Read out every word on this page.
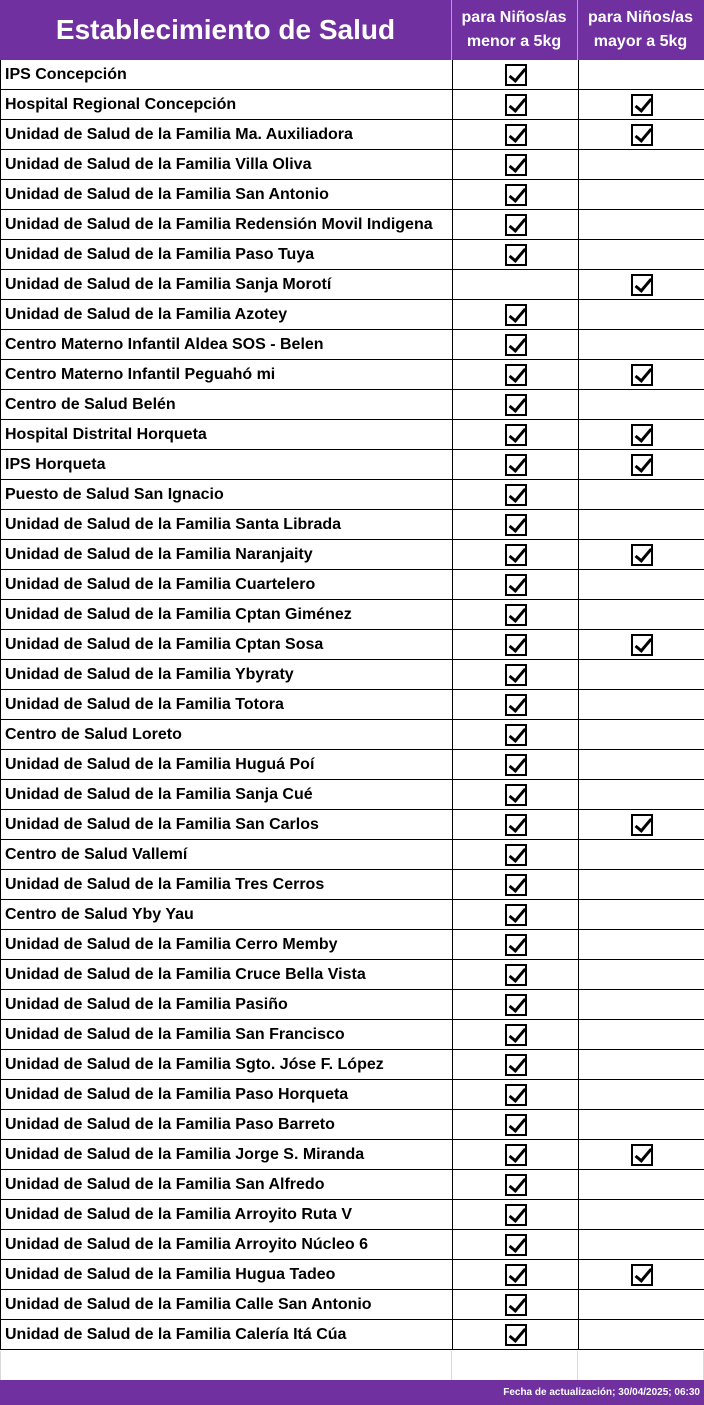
Establecimiento de Salud	para Niños/as
menor a 5kg
para Niños/as
mayor a 5kg
IPS Concepción
Hospital Regional Concepción
Unidad de Salud de la Familia Ma. Auxiliadora
Unidad de Salud de la Familia Villa Oliva
Unidad de Salud de la Familia San Antonio
Unidad de Salud de la Familia Redensión Movil Indigena
Unidad de Salud de la Familia Paso Tuya
Unidad de Salud de la Familia Sanja Morotí
Unidad de Salud de la Familia Azotey
Centro Materno Infantil Aldea SOS - Belen
Centro Materno Infantil Peguahó mi
Centro de Salud Belén
Hospital Distrital Horqueta
IPS Horqueta
Puesto de Salud San Ignacio
Unidad de Salud de la Familia Santa Librada
Unidad de Salud de la Familia Naranjaity
Unidad de Salud de la Familia Cuartelero
Unidad de Salud de la Familia Cptan Giménez
Unidad de Salud de la Familia Cptan Sosa
Unidad de Salud de la Familia Ybyraty
Unidad de Salud de la Familia Totora
Centro de Salud Loreto
Unidad de Salud de la Familia Huguá Poí
Unidad de Salud de la Familia Sanja Cué
Unidad de Salud de la Familia San Carlos
Centro de Salud Vallemí
Unidad de Salud de la Familia Tres Cerros
Centro de Salud Yby Yau
Unidad de Salud de la Familia Cerro Memby
Unidad de Salud de la Familia Cruce Bella Vista
Unidad de Salud de la Familia Pasiño
Unidad de Salud de la Familia San Francisco
Unidad de Salud de la Familia Sgto. Jóse F. López
Unidad de Salud de la Familia Paso Horqueta
Unidad de Salud de la Familia Paso Barreto
Unidad de Salud de la Familia Jorge S. Miranda
Unidad de Salud de la Familia San Alfredo
Unidad de Salud de la Familia Arroyito Ruta V
Unidad de Salud de la Familia Arroyito Núcleo 6
Unidad de Salud de la Familia Hugua Tadeo
Unidad de Salud de la Familia Calle San Antonio
Unidad de Salud de la Familia Calería Itá Cúa
Fecha de actualización; 30/04/2025; 06:30
